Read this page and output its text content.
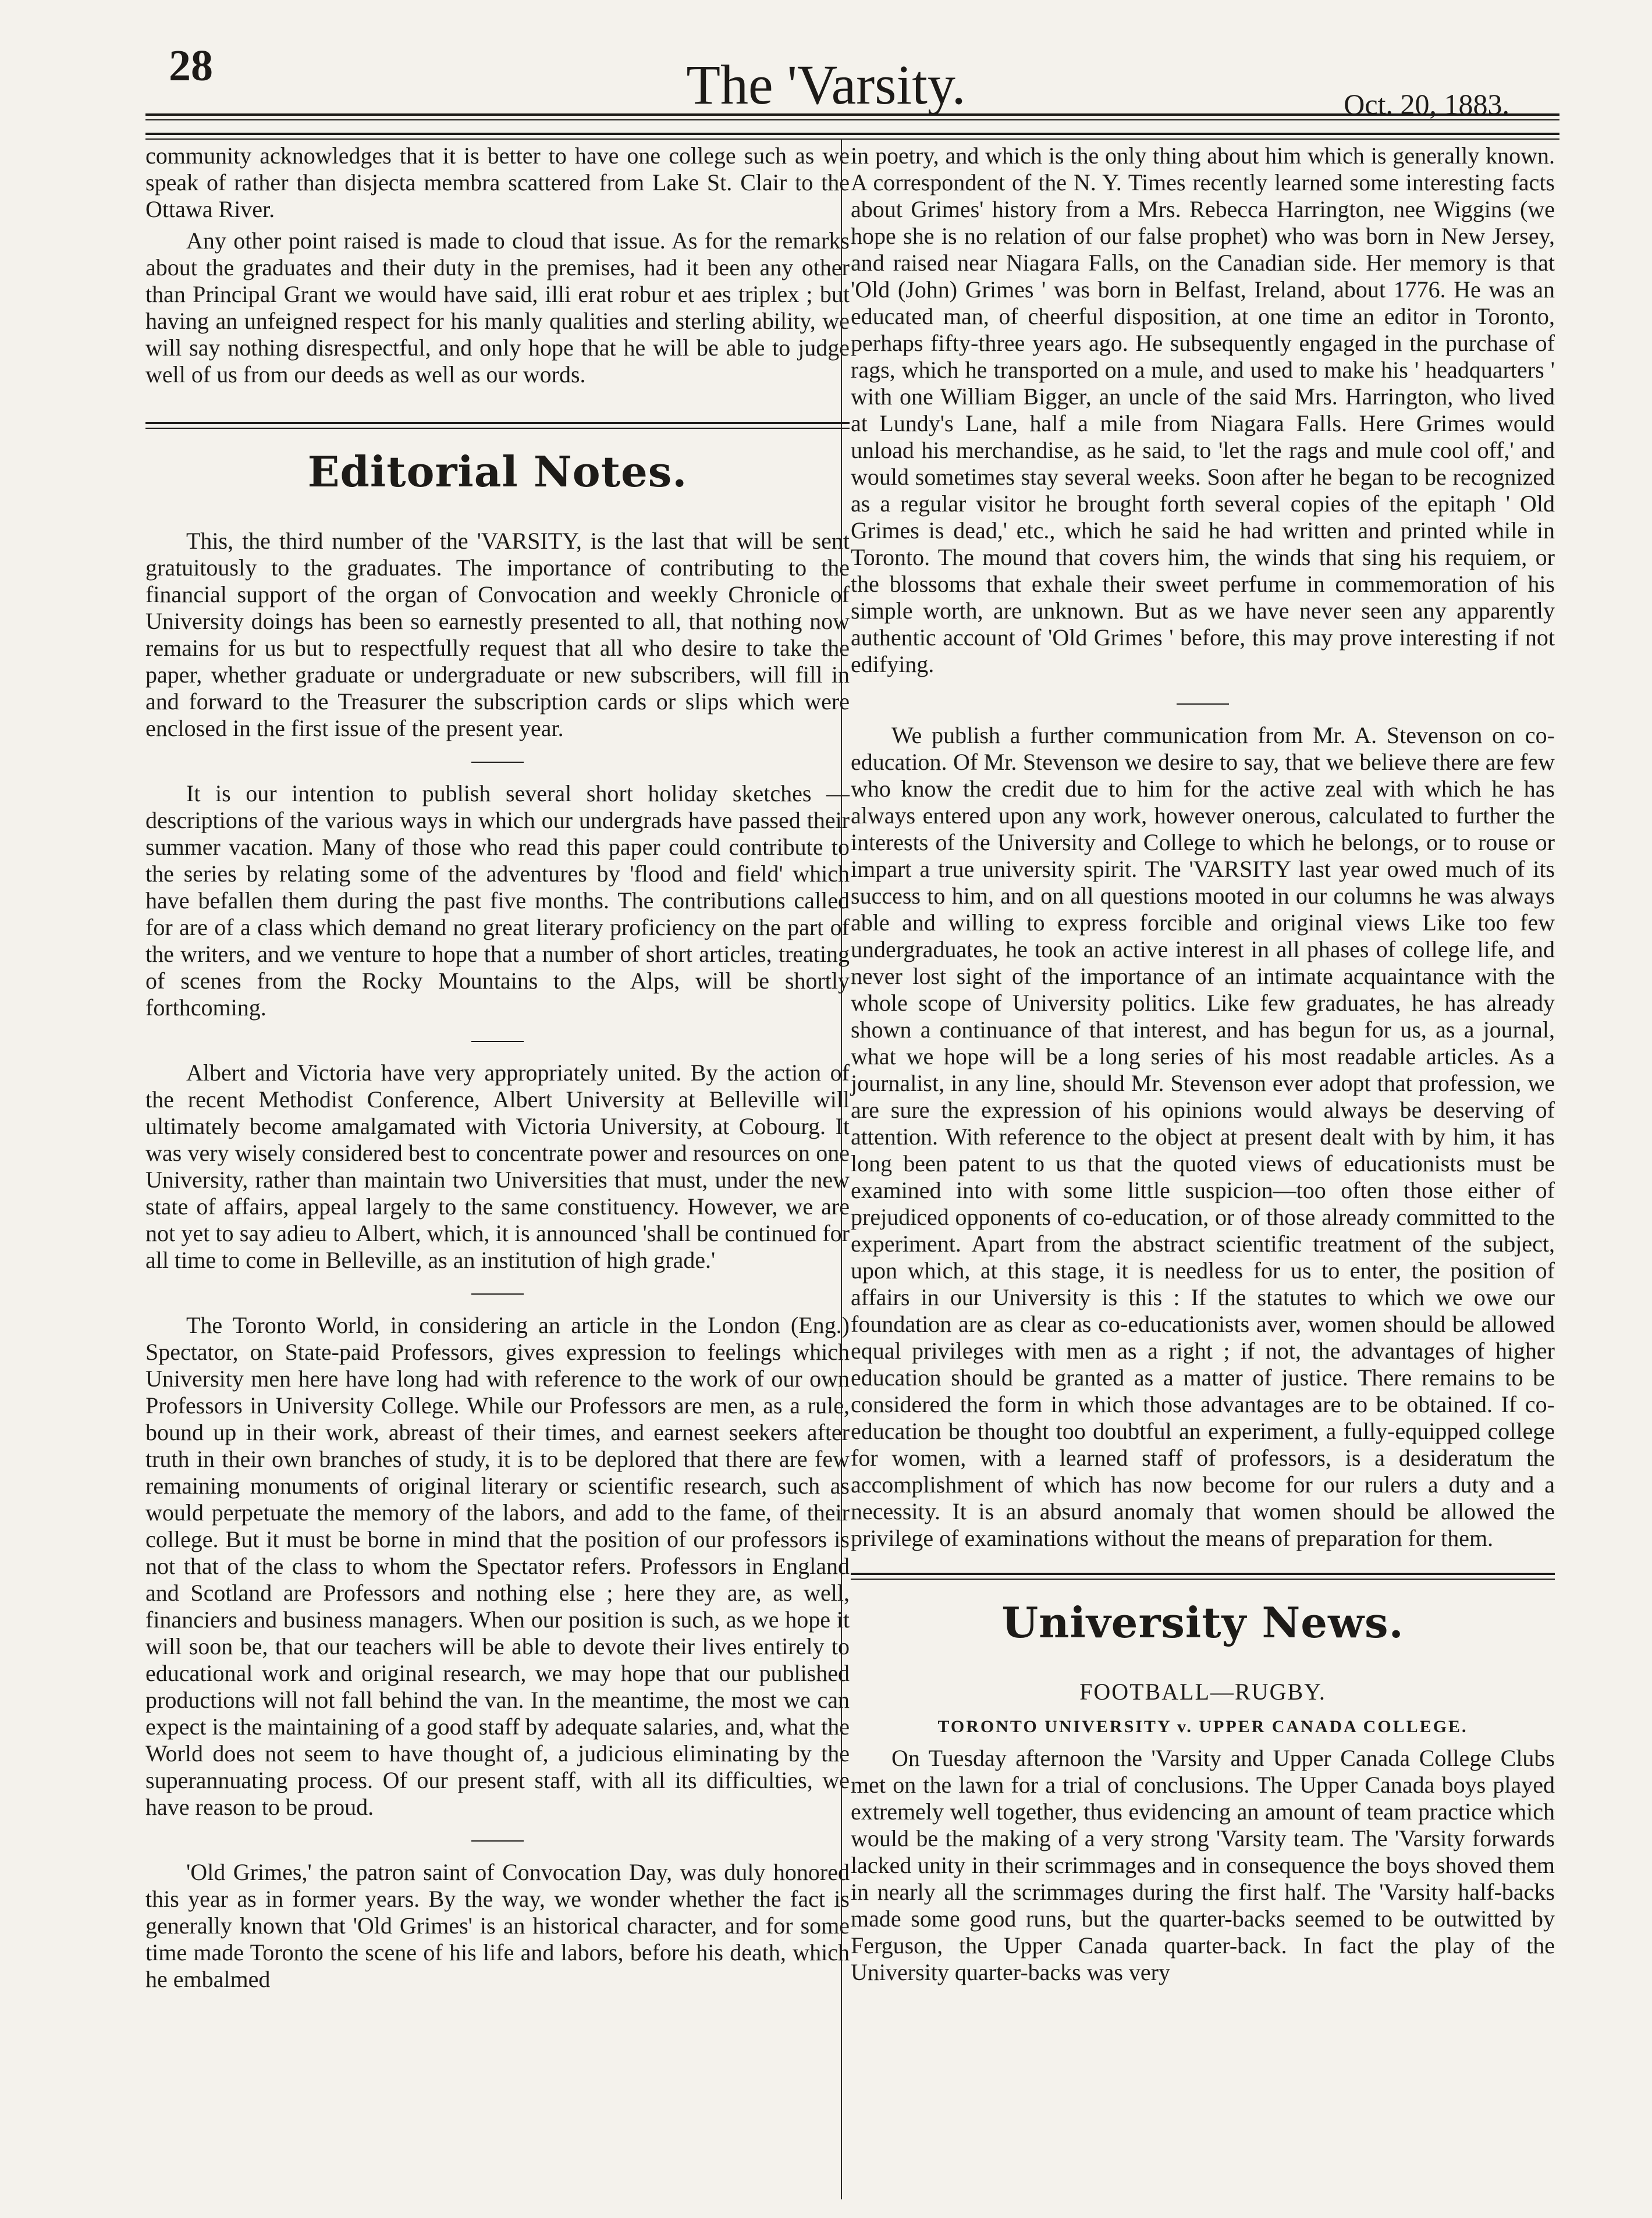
28	The 'Varsity.	Oct. 20, 1883.

community acknowledges that it is better to have one college such as we speak of rather than disjecta membra scattered from Lake St. Clair to the Ottawa River.

Any other point raised is made to cloud that issue. As for the remarks about the graduates and their duty in the premises, had it been any other than Principal Grant we would have said, illi erat robur et aes triplex ; but having an unfeigned respect for his manly qualities and sterling ability, we will say nothing disrespectful, and only hope that he will be able to judge well of us from our deeds as well as our words.

Editorial Notes.

This, the third number of the 'VARSITY, is the last that will be sent gratuitously to the graduates. The importance of contributing to the financial support of the organ of Convocation and weekly Chronicle of University doings has been so earnestly presented to all, that nothing now remains for us but to respectfully request that all who desire to take the paper, whether graduate or undergraduate or new subscribers, will fill in and forward to the Treasurer the subscription cards or slips which were enclosed in the first issue of the present year.

It is our intention to publish several short holiday sketches —descriptions of the various ways in which our undergrads have passed their summer vacation. Many of those who read this paper could contribute to the series by relating some of the adventures by 'flood and field' which have befallen them during the past five months. The contributions called for are of a class which demand no great literary proficiency on the part of the writers, and we venture to hope that a number of short articles, treating of scenes from the Rocky Mountains to the Alps, will be shortly forthcoming.

Albert and Victoria have very appropriately united. By the action of the recent Methodist Conference, Albert University at Belleville will ultimately become amalgamated with Victoria University, at Cobourg. It was very wisely considered best to concentrate power and resources on one University, rather than maintain two Universities that must, under the new state of affairs, appeal largely to the same constituency. However, we are not yet to say adieu to Albert, which, it is announced 'shall be continued for all time to come in Belleville, as an institution of high grade.'

The Toronto World, in considering an article in the London (Eng.) Spectator, on State-paid Professors, gives expression to feelings which University men here have long had with reference to the work of our own Professors in University College. While our Professors are men, as a rule, bound up in their work, abreast of their times, and earnest seekers after truth in their own branches of study, it is to be deplored that there are few remaining monuments of original literary or scientific research, such as would perpetuate the memory of the labors, and add to the fame, of their college. But it must be borne in mind that the position of our professors is not that of the class to whom the Spectator refers. Professors in England and Scotland are Professors and nothing else ; here they are, as well, financiers and business managers. When our position is such, as we hope it will soon be, that our teachers will be able to devote their lives entirely to educational work and original research, we may hope that our published productions will not fall behind the van. In the meantime, the most we can expect is the maintaining of a good staff by adequate salaries, and, what the World does not seem to have thought of, a judicious eliminating by the superannuating process. Of our present staff, with all its difficulties, we have reason to be proud.

'Old Grimes,' the patron saint of Convocation Day, was duly honored this year as in former years. By the way, we wonder whether the fact is generally known that 'Old Grimes' is an historical character, and for some time made Toronto the scene of his life and labors, before his death, which he embalmed

in poetry, and which is the only thing about him which is generally known. A correspondent of the N. Y. Times recently learned some interesting facts about Grimes' history from a Mrs. Rebecca Harrington, nee Wiggins (we hope she is no relation of our false prophet) who was born in New Jersey, and raised near Niagara Falls, on the Canadian side. Her memory is that 'Old (John) Grimes ' was born in Belfast, Ireland, about 1776. He was an educated man, of cheerful disposition, at one time an editor in Toronto, perhaps fifty-three years ago. He subsequently engaged in the purchase of rags, which he transported on a mule, and used to make his ' headquarters ' with one William Bigger, an uncle of the said Mrs. Harrington, who lived at Lundy's Lane, half a mile from Niagara Falls. Here Grimes would unload his merchandise, as he said, to 'let the rags and mule cool off,' and would sometimes stay several weeks. Soon after he began to be recognized as a regular visitor he brought forth several copies of the epitaph ' Old Grimes is dead,' etc., which he said he had written and printed while in Toronto. The mound that covers him, the winds that sing his requiem, or the blossoms that exhale their sweet perfume in commemoration of his simple worth, are unknown. But as we have never seen any apparently authentic account of 'Old Grimes ' before, this may prove interesting if not edifying.

We publish a further communication from Mr. A. Stevenson on co-education. Of Mr. Stevenson we desire to say, that we believe there are few who know the credit due to him for the active zeal with which he has always entered upon any work, however onerous, calculated to further the interests of the University and College to which he belongs, or to rouse or impart a true university spirit. The 'VARSITY last year owed much of its success to him, and on all questions mooted in our columns he was always able and willing to express forcible and original views Like too few undergraduates, he took an active interest in all phases of college life, and never lost sight of the importance of an intimate acquaintance with the whole scope of University politics. Like few graduates, he has already shown a continuance of that interest, and has begun for us, as a journal, what we hope will be a long series of his most readable articles. As a journalist, in any line, should Mr. Stevenson ever adopt that profession, we are sure the expression of his opinions would always be deserving of attention. With reference to the object at present dealt with by him, it has long been patent to us that the quoted views of educationists must be examined into with some little suspicion—too often those either of prejudiced opponents of co-education, or of those already committed to the experiment. Apart from the abstract scientific treatment of the subject, upon which, at this stage, it is needless for us to enter, the position of affairs in our University is this : If the statutes to which we owe our foundation are as clear as co-educationists aver, women should be allowed equal privileges with men as a right ; if not, the advantages of higher education should be granted as a matter of justice. There remains to be considered the form in which those advantages are to be obtained. If co-education be thought too doubtful an experiment, a fully-equipped college for women, with a learned staff of professors, is a desideratum the accomplishment of which has now become for our rulers a duty and a necessity. It is an absurd anomaly that women should be allowed the privilege of examinations without the means of preparation for them.

University News.
FOOTBALL—RUGBY.
TORONTO UNIVERSITY v. UPPER CANADA COLLEGE.

On Tuesday afternoon the 'Varsity and Upper Canada College Clubs met on the lawn for a trial of conclusions. The Upper Canada boys played extremely well together, thus evidencing an amount of team practice which would be the making of a very strong 'Varsity team. The 'Varsity forwards lacked unity in their scrimmages and in consequence the boys shoved them in nearly all the scrimmages during the first half. The 'Varsity half-backs made some good runs, but the quarter-backs seemed to be outwitted by Ferguson, the Upper Canada quarter-back. In fact the play of the University quarter-backs was very
